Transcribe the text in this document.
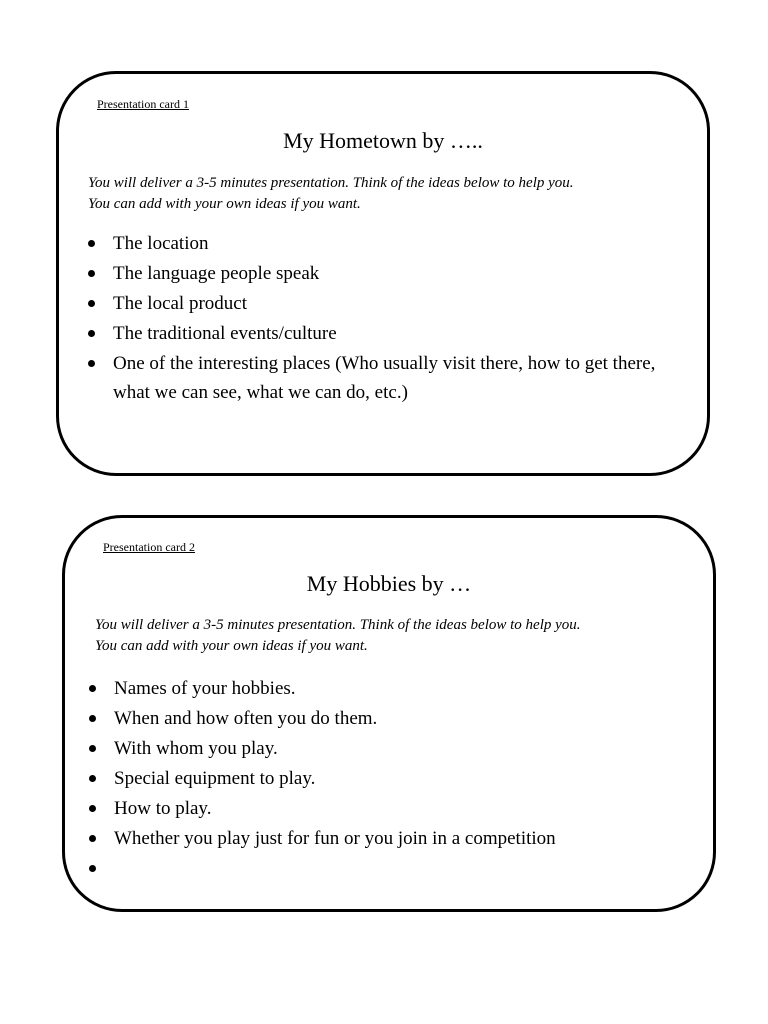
Presentation card 1
My Hometown by …..
You will deliver a 3-5 minutes presentation. Think of the ideas below to help you.
You can add with your own ideas if you want.
The location
The language people speak
The local product
The traditional events/culture
One of the interesting places (Who usually visit there, how to get there, what we can see, what we can do, etc.)
Presentation card 2
My Hobbies by …
You will deliver a 3-5 minutes presentation. Think of the ideas below to help you.
You can add with your own ideas if you want.
Names of your hobbies.
When and how often you do them.
With whom you play.
Special equipment to play.
How to play.
Whether you play just for fun or you join in a competition
